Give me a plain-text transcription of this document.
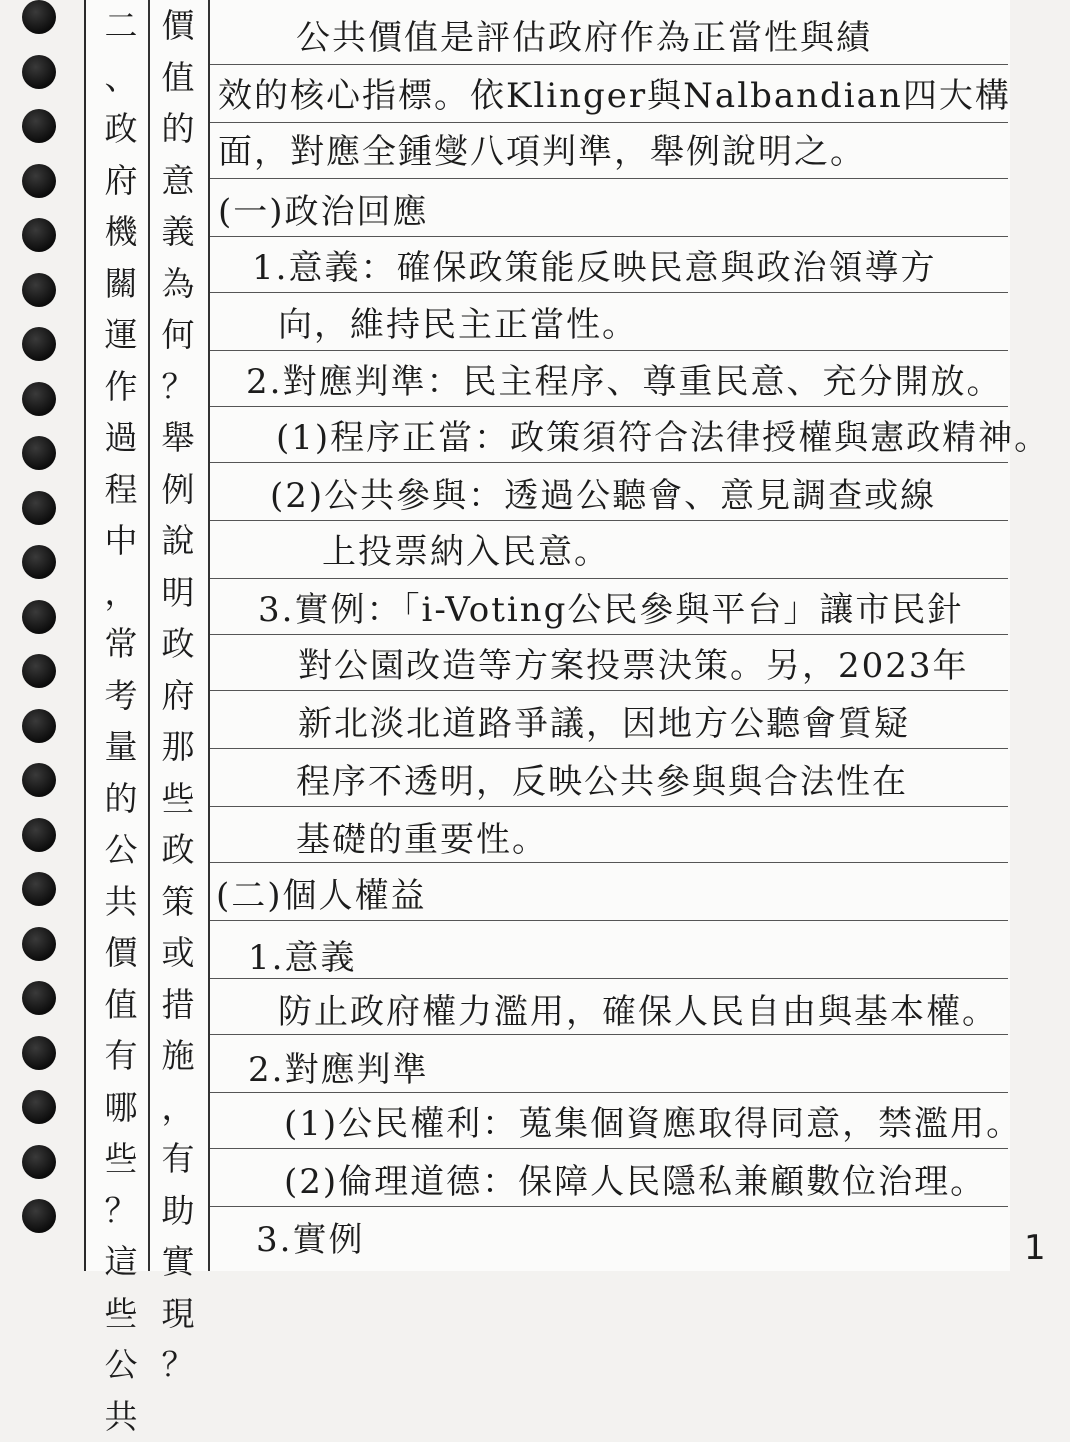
二
、
政
府
機
關
運
作
過
程
中
，
常
考
量
的
公
共
價
值
有
哪
些
？
這
些
公
共
價
值
的
意
義
為
何
？
舉
例
說
明
政
府
那
些
政
策
或
措
施
，
有
助
實
現
？
公共價值是評估政府作為正當性與績
效的核心指標。依Klinger與Nalbandian四大構
面，對應全鍾燮八項判準，舉例說明之。
(一)政治回應
1.意義：確保政策能反映民意與政治領導方
向，維持民主正當性。
2.對應判準：民主程序、尊重民意、充分開放。
(1)程序正當：政策須符合法律授權與憲政精神。
(2)公共參與：透過公聽會、意見調查或線
上投票納入民意。
3.實例：「i-Voting公民參與平台」讓市民針
對公園改造等方案投票決策。另，2023年
新北淡北道路爭議，因地方公聽會質疑
程序不透明，反映公共參與與合法性在
基礎的重要性。
(二)個人權益
1.意義
防止政府權力濫用，確保人民自由與基本權。
2.對應判準
(1)公民權利：蒐集個資應取得同意，禁濫用。
(2)倫理道德：保障人民隱私兼顧數位治理。
3.實例	1
